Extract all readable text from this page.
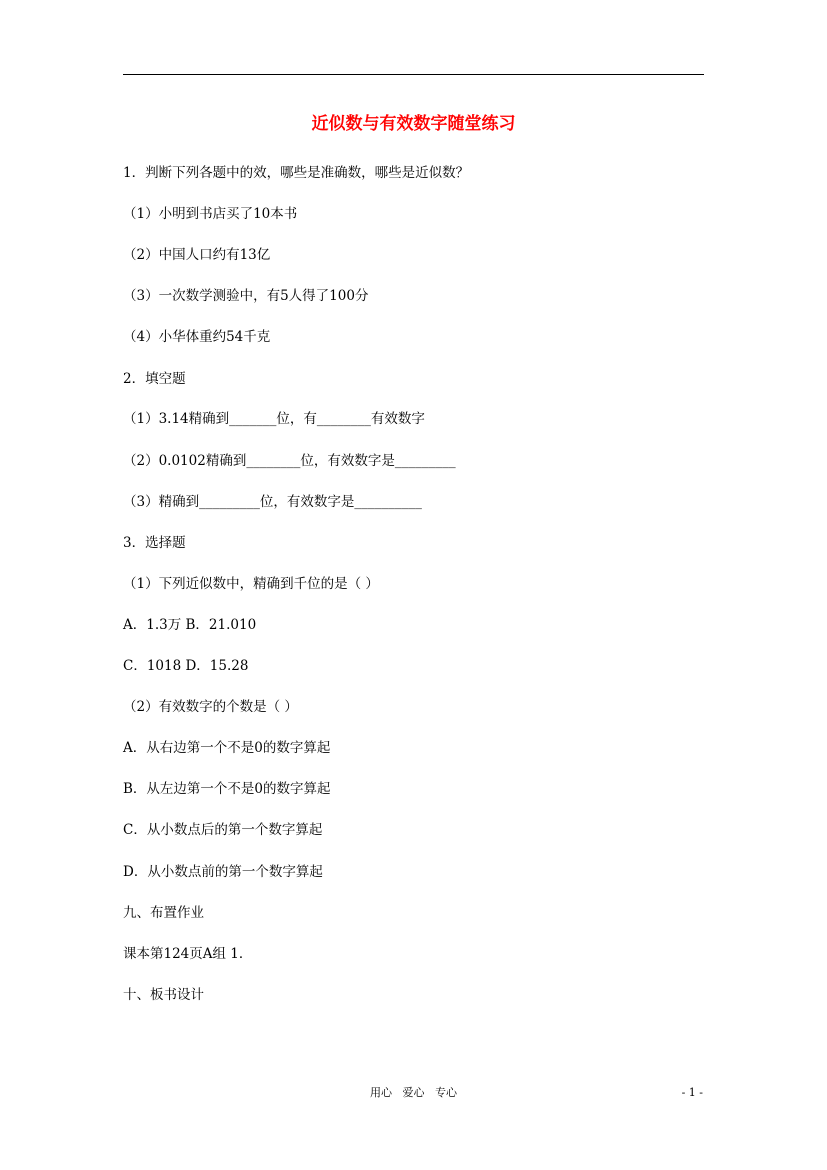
近似数与有效数字随堂练习
1．判断下列各题中的效，哪些是准确数，哪些是近似数？
（1）小明到书店买了10本书
（2）中国人口约有13亿
（3）一次数学测验中，有5人得了100分
（4）小华体重约54千克
2．填空题
（1）3.14精确到_______位，有________有效数字
（2）0.0102精确到________位，有效数字是_________
（3）精确到_________位，有效数字是__________
3．选择题
（1）下列近似数中，精确到千位的是（ ）
A．1.3万 B．21.010
C．1018 D．15.28
（2）有效数字的个数是（ ）
A．从右边第一个不是0的数字算起
B．从左边第一个不是0的数字算起
C．从小数点后的第一个数字算起
D．从小数点前的第一个数字算起
九、布置作业
课本第124页A组 1．
十、板书设计
用心   爱心   专心	- 1 -
